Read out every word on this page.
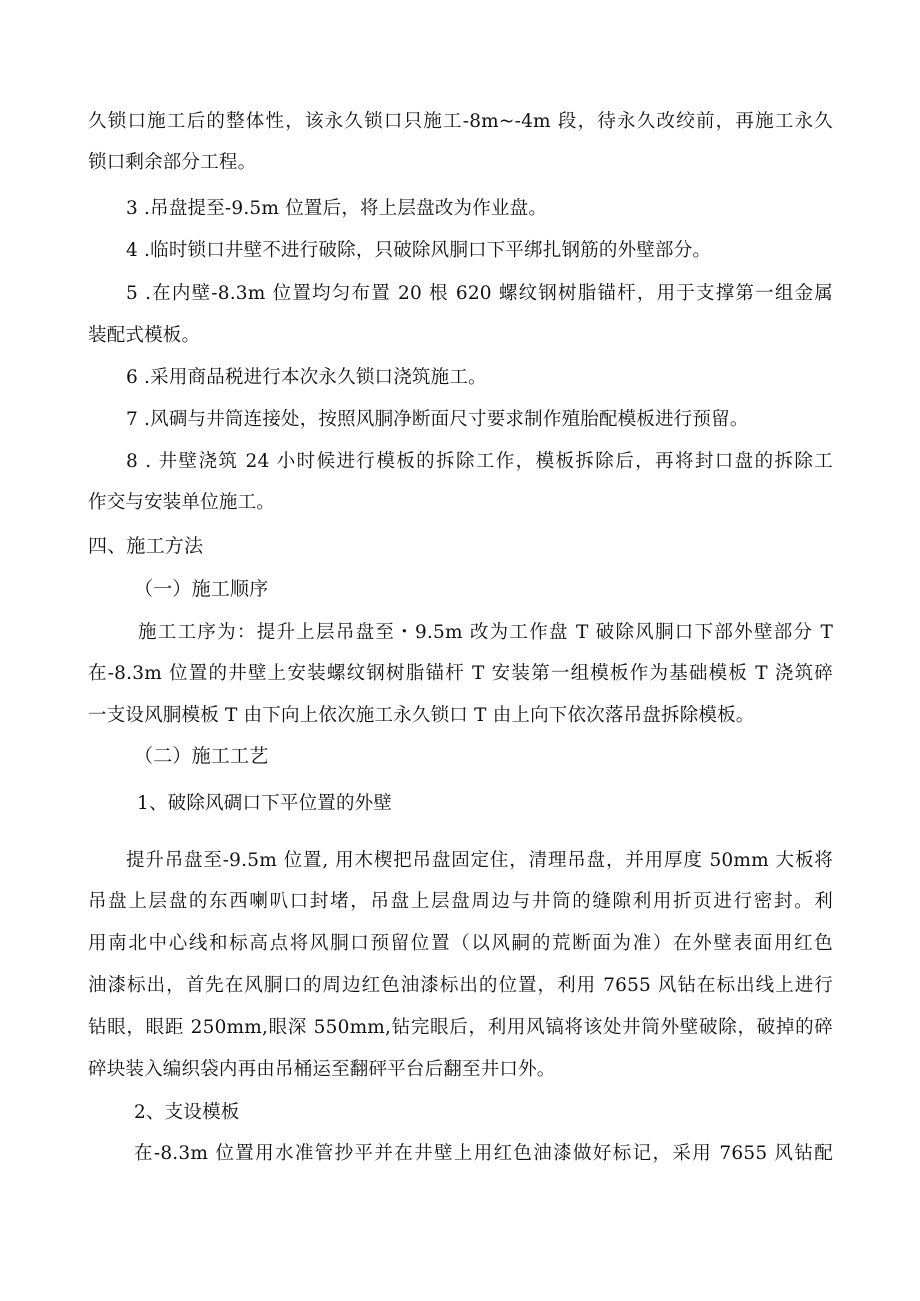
久锁口施工后的整体性，该永久锁口只施工-8m~-4m 段，待永久改绞前，再施工永久
锁口剩余部分工程。
3 .吊盘提至-9.5m 位置后，将上层盘改为作业盘。
4 .临时锁口井壁不进行破除，只破除风胴口下平绑扎钢筋的外壁部分。
5 .在内壁-8.3m 位置均匀布置 20 根 620 螺纹钢树脂锚杆，用于支撑第一组金属
装配式模板。
6 .采用商品税进行本次永久锁口浇筑施工。
7 .风碉与井筒连接处，按照风胴净断面尺寸要求制作殖胎配模板进行预留。
8 . 井壁浇筑 24 小时候进行模板的拆除工作，模板拆除后，再将封口盘的拆除工
作交与安装单位施工。
四、施工方法
（一）施工顺序
施工工序为：提升上层吊盘至・9.5m 改为工作盘 T 破除风胴口下部外壁部分 T
在-8.3m 位置的井壁上安装螺纹钢树脂锚杆 T 安装第一组模板作为基础模板 T 浇筑碎
一支设风胴模板 T 由下向上依次施工永久锁口 T 由上向下依次落吊盘拆除模板。
（二）施工工艺
1、破除风碉口下平位置的外壁
提升吊盘至-9.5m 位置, 用木楔把吊盘固定住，清理吊盘，并用厚度 50mm 大板将
吊盘上层盘的东西喇叭口封堵，吊盘上层盘周边与井筒的缝隙利用折页进行密封。利
用南北中心线和标高点将风胴口预留位置（以风嗣的荒断面为准）在外壁表面用红色
油漆标出，首先在风胴口的周边红色油漆标出的位置，利用 7655 风钻在标出线上进行
钻眼，眼距 250mm,眼深 550mm,钻完眼后，利用风镐将该处井筒外壁破除，破掉的碎
碎块装入编织袋内再由吊桶运至翻砰平台后翻至井口外。
2、支设模板
在-8.3m 位置用水准管抄平并在井壁上用红色油漆做好标记，采用 7655 风钻配
